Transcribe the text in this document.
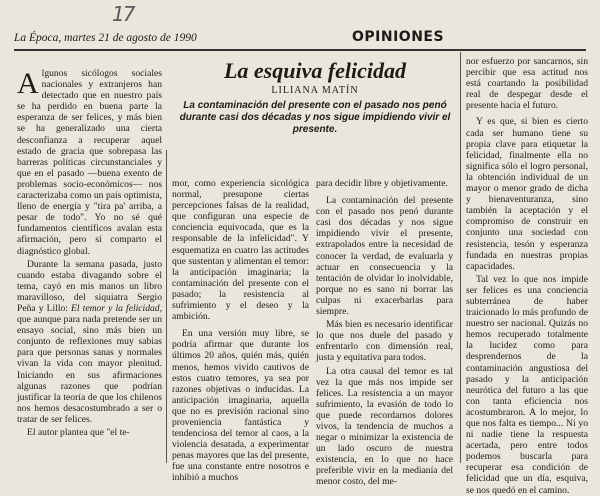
17
La Época, martes 21 de agosto de 1990	OPINIONES
La esquiva felicidad
LILIANA MATÍN
La contaminación del presente con el pasado nos penó durante casi dos décadas y nos sigue impidiendo vivir el presente.

Algunos sicólogos sociales nacionales y extranjeros han detectado que en nuestro país se ha perdido en buena parte la esperanza de ser felices, y más bien se ha generalizado una cierta desconfianza a recuperar aquel estado de gracia que sobrepasa las barreras políticas circunstanciales y que en el pasado —buena exento de problemas socio-económicos— nos caracterizaba como un país optimista, lleno de energía y "tira pa' arriba, a pesar de todo". Yo no sé qué fundamentos científicos avalan esta afirmación, pero sí comparto el diagnóstico global.

Durante la semana pasada, justo cuando estaba divagando sobre el tema, cayó en mis manos un libro maravilloso, del siquiatra Sergio Peña y Lillo: El temor y la felicidad, que aunque para nada pretende ser un ensayo social, sino más bien un conjunto de reflexiones muy sabias para que personas sanas y normales vivan la vida con mayor plenitud. Iniciando en sus afirmaciones algunas razones que podrían justificar la teoría de que los chilenos nos hemos desacostumbrado a ser o tratar de ser felices.

El autor plantea que "el te-

mor, como experiencia sicológica normal, presupone ciertas percepciones falsas de la realidad, que configuran una especie de conciencia equivocada, que es la responsable de la infelicidad". Y esquematiza en cuatro las actitudes que sustentan y alimentan el temor: la anticipación imaginaria; la contaminación del presente con el pasado; la resistencia al sufrimiento y el deseo y la ambición.

En una versión muy libre, se podría afirmar que durante los últimos 20 años, quién más, quién menos, hemos vivido cautivos de estos cuatro temores, ya sea por razones objetivas o inducidas. La anticipación imaginaria, aquella que no es previsión racional sino proveniencia fantástica y tendenciosa del temor al caos, a la violencia desatada, a experimentar penas mayores que las del presente, fue una constante entre nosotros e inhibió a muchos

para decidir libre y objetivamente.

La contaminación del presente con el pasado nos penó durante casi dos décadas y nos sigue impidiendo vivir el presente, extrapolados entre la necesidad de conocer la verdad, de evaluarla y actuar en consecuencia y la tentación de olvidar lo inolvidable, porque no es sano ni borrar las culpas ni exacerbarlas para siempre.

Más bien es necesario identificar lo que nos duele del pasado y enfrentarlo con dimensión real, justa y equitativa para todos.

La otra causal del temor es tal vez la que más nos impide ser felices. La resistencia a un mayor sufrimiento, la evasión de todo lo que puede recordarnos dolores vivos, la tendencia de muchos a negar o minimizar la existencia de un lado oscuro de nuestra existencia, en lo que no hace preferible vivir en la medianía del menor costo, del me-

nor esfuerzo por sancarnos, sin percibir que esa actitud nos está coartando la posibilidad real de despegar desde el presente hacia el futuro.

Y es que, si bien es cierto cada ser humano tiene su propia clave para etiquetar la felicidad, finalmente ella no significa sólo el logro personal, la obtención individual de un mayor o menor grado de dicha y bienaventuranza, sino también la aceptación y el compromiso de construir en conjunto una sociedad con resistencia, tesón y esperanza fundada en nuestras propias capacidades.

Tal vez lo que nos impide ser felices es una conciencia subterránea de haber traicionado lo más profundo de nuestro ser nacional. Quizás no hemos recuperado totalmente la lucidez como para desprendernos de la contaminación angustiosa del pasado y la anticipación neurótica del futuro a las que con tanta eficiencia nos acostumbraron. A lo mejor, lo que nos falta es tiempo... Ni yo ni nadie tiene la respuesta acertada, pero entre todos podemos buscarla para recuperar esa condición de felicidad que un día, esquiva, se nos quedó en el camino.
